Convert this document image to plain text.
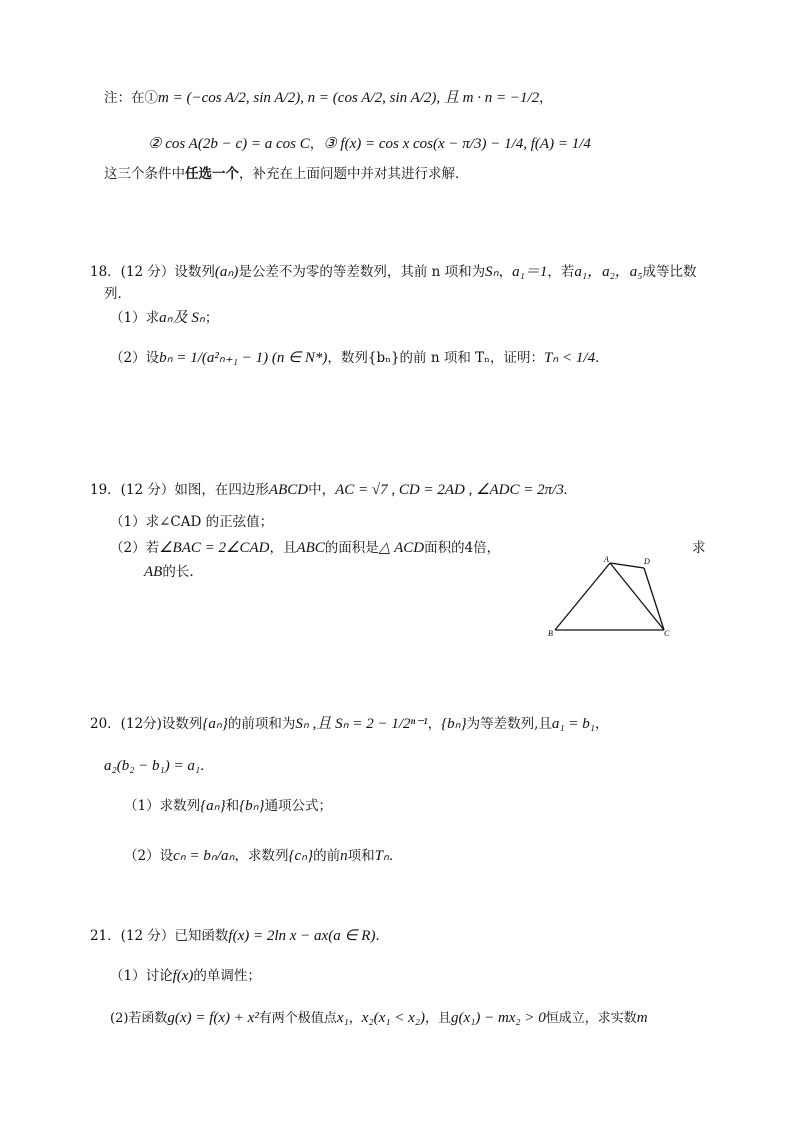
注：在①m = (−cos A/2, sin A/2), n = (cos A/2, sin A/2), 且 m · n = −1/2，
② cos A(2b − c) = a cos C，③ f(x) = cos x cos(x − π/3) − 1/4, f(A) = 1/4
这三个条件中任选一个，补充在上面问题中并对其进行求解．
18．(12 分）设数列(aₙ)是公差不为零的等差数列，其前 n 项和为Sₙ，a₁＝1，若a₁，a₂，a₅成等比数
列．
（1）求aₙ及 Sₙ；
（2）设bₙ = 1/(a²ₙ₊₁ − 1) (n ∈ N*)，数列{bₙ}的前 n 项和 Tₙ，证明：Tₙ < 1/4．
19．(12 分）如图，在四边形ABCD中，AC = √7 , CD = 2AD , ∠ADC = 2π/3.
（1）求∠CAD 的正弦值；
（2）若∠BAC = 2∠CAD，且ABC的面积是△ ACD面积的4倍，	求
AB的长.
A	D
B	C
20．(12分)设数列{aₙ}的前项和为Sₙ ,且 Sₙ = 2 − 1/2ⁿ⁻¹，{bₙ}为等差数列,且a₁ = b₁，
a₂(b₂ − b₁) = a₁．
（1）求数列{aₙ}和{bₙ}通项公式；
（2）设cₙ = bₙ/aₙ，求数列{cₙ}的前n项和Tₙ．
21．(12 分）已知函数f(x) = 2ln x − ax(a ∈ R)．
（1）讨论f(x)的单调性；
(2)若函数g(x) = f(x) + x²有两个极值点x₁，x₂(x₁ < x₂)，且g(x₁) − mx₂ > 0恒成立，求实数m
